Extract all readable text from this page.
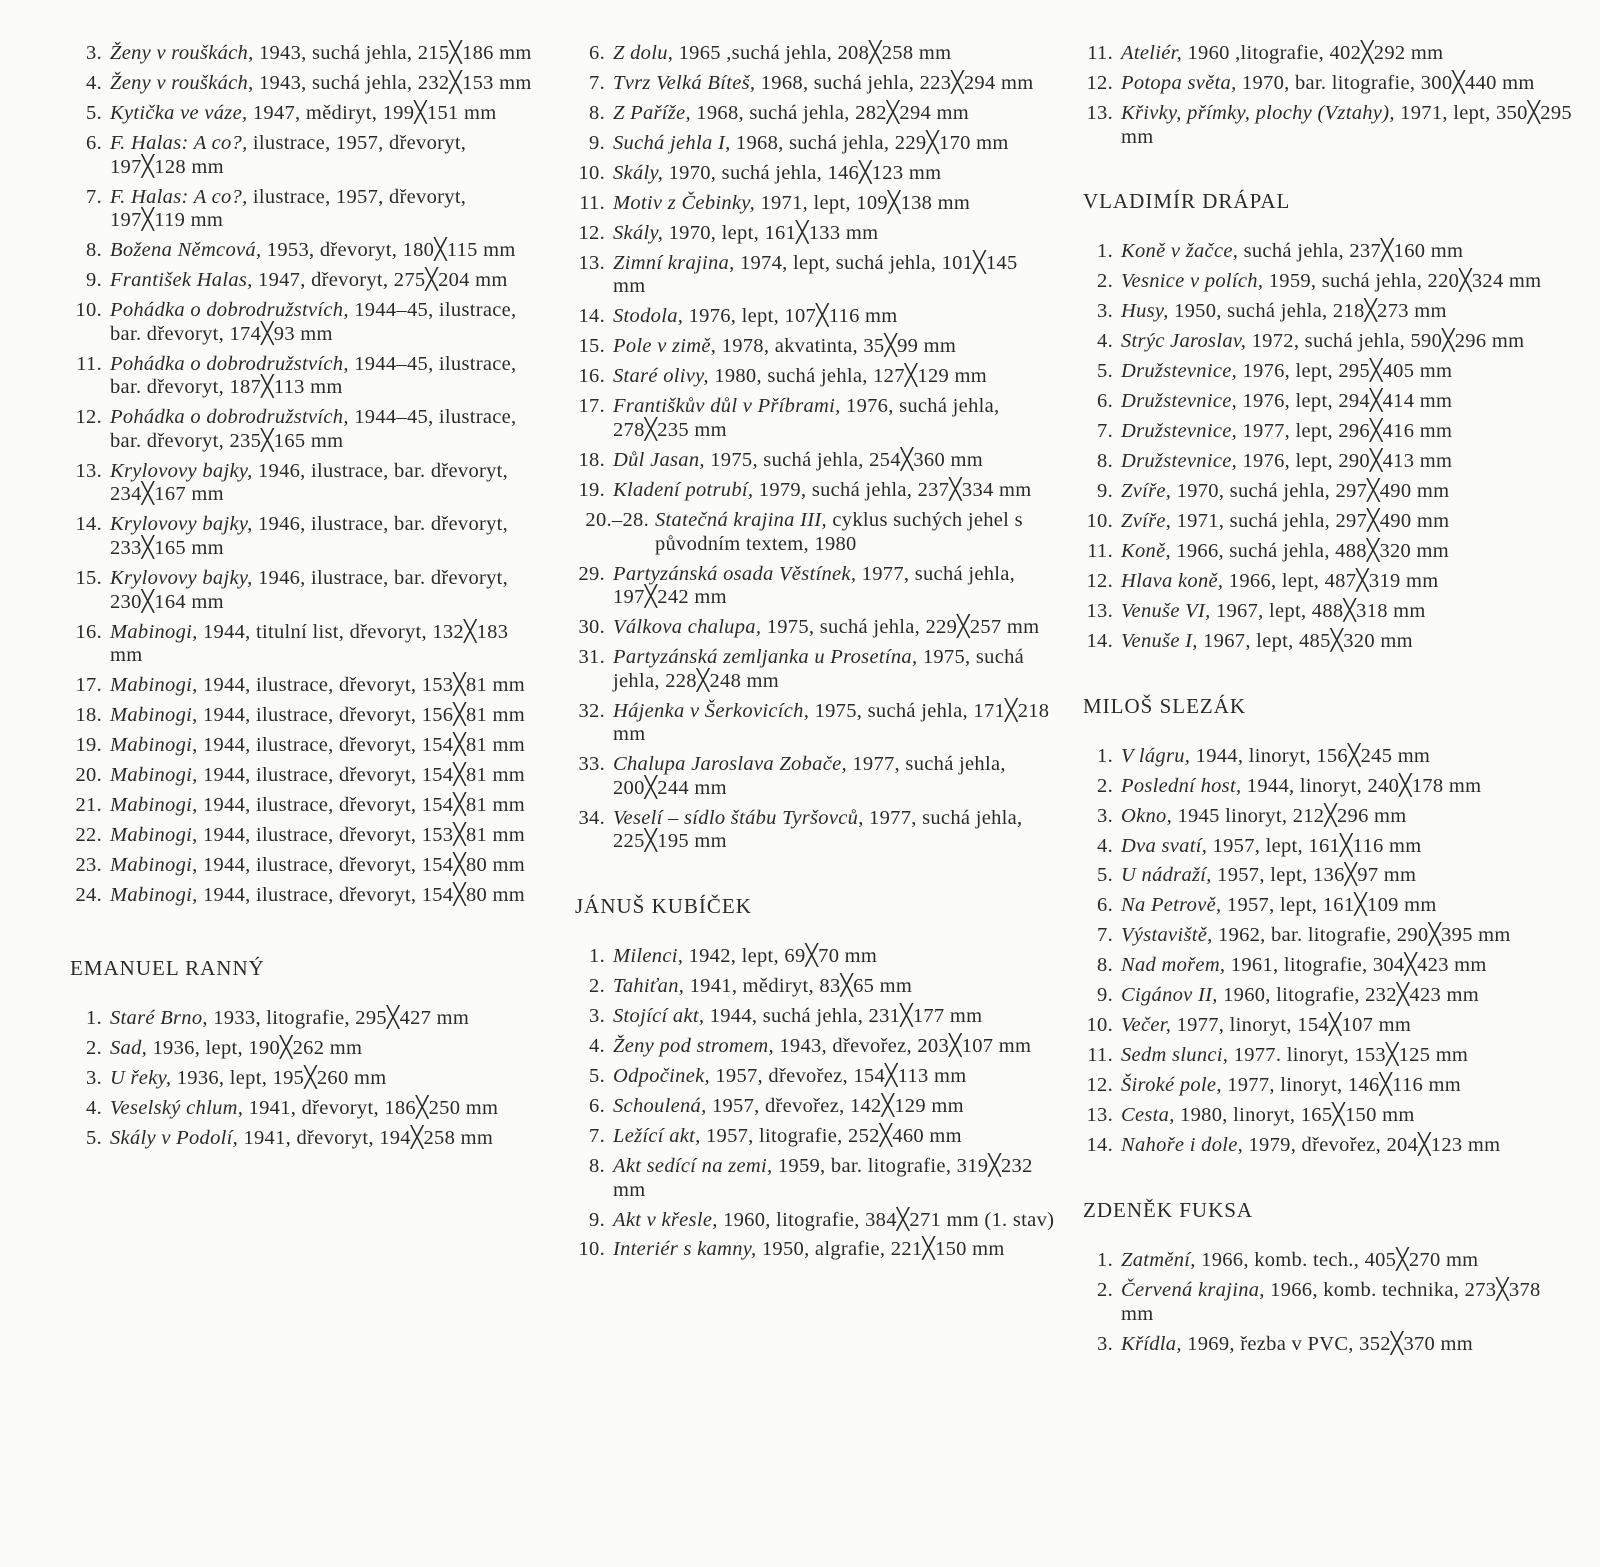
3. Ženy v rouškách, 1943, suchá jehla, 215╳186 mm
4. Ženy v rouškách, 1943, suchá jehla, 232╳153 mm
5. Kytička ve váze, 1947, mědiryt, 199╳151 mm
6. F. Halas: A co?, ilustrace, 1957, dřevoryt, 197╳128 mm
7. F. Halas: A co?, ilustrace, 1957, dřevoryt, 197╳119 mm
8. Božena Němcová, 1953, dřevoryt, 180╳115 mm
9. František Halas, 1947, dřevoryt, 275╳204 mm
10. Pohádka o dobrodružstvích, 1944–45, ilustrace, bar. dřevoryt, 174╳93 mm
11. Pohádka o dobrodružstvích, 1944–45, ilustrace, bar. dřevoryt, 187╳113 mm
12. Pohádka o dobrodružstvích, 1944–45, ilustrace, bar. dřevoryt, 235╳165 mm
13. Krylovovy bajky, 1946, ilustrace, bar. dřevoryt, 234╳167 mm
14. Krylovovy bajky, 1946, ilustrace, bar. dřevoryt, 233╳165 mm
15. Krylovovy bajky, 1946, ilustrace, bar. dřevoryt, 230╳164 mm
16. Mabinogi, 1944, titulní list, dřevoryt, 132╳183 mm
17. Mabinogi, 1944, ilustrace, dřevoryt, 153╳81 mm
18. Mabinogi, 1944, ilustrace, dřevoryt, 156╳81 mm
19. Mabinogi, 1944, ilustrace, dřevoryt, 154╳81 mm
20. Mabinogi, 1944, ilustrace, dřevoryt, 154╳81 mm
21. Mabinogi, 1944, ilustrace, dřevoryt, 154╳81 mm
22. Mabinogi, 1944, ilustrace, dřevoryt, 153╳81 mm
23. Mabinogi, 1944, ilustrace, dřevoryt, 154╳80 mm
24. Mabinogi, 1944, ilustrace, dřevoryt, 154╳80 mm
EMANUEL RANNÝ
1. Staré Brno, 1933, litografie, 295╳427 mm
2. Sad, 1936, lept, 190╳262 mm
3. U řeky, 1936, lept, 195╳260 mm
4. Veselský chlum, 1941, dřevoryt, 186╳250 mm
5. Skály v Podolí, 1941, dřevoryt, 194╳258 mm
6. Z dolu, 1965 ,suchá jehla, 208╳258 mm
7. Tvrz Velká Bíteš, 1968, suchá jehla, 223╳294 mm
8. Z Paříže, 1968, suchá jehla, 282╳294 mm
9. Suchá jehla I, 1968, suchá jehla, 229╳170 mm
10. Skály, 1970, suchá jehla, 146╳123 mm
11. Motiv z Čebinky, 1971, lept, 109╳138 mm
12. Skály, 1970, lept, 161╳133 mm
13. Zimní krajina, 1974, lept, suchá jehla, 101╳145 mm
14. Stodola, 1976, lept, 107╳116 mm
15. Pole v zimě, 1978, akvatinta, 35╳99 mm
16. Staré olivy, 1980, suchá jehla, 127╳129 mm
17. Františkův důl v Příbrami, 1976, suchá jehla, 278╳235 mm
18. Důl Jasan, 1975, suchá jehla, 254╳360 mm
19. Kladení potrubí, 1979, suchá jehla, 237╳334 mm
20.–28. Statečná krajina III, cyklus suchých jehel s původním textem, 1980
29. Partyzánská osada Věstínek, 1977, suchá jehla, 197╳242 mm
30. Válkova chalupa, 1975, suchá jehla, 229╳257 mm
31. Partyzánská zemljanka u Prosetína, 1975, suchá jehla, 228╳248 mm
32. Hájenka v Šerkovicích, 1975, suchá jehla, 171╳218 mm
33. Chalupa Jaroslava Zobače, 1977, suchá jehla, 200╳244 mm
34. Veselí – sídlo štábu Tyršovců, 1977, suchá jehla, 225╳195 mm
JÁNUŠ KUBÍČEK
1. Milenci, 1942, lept, 69╳70 mm
2. Tahiťan, 1941, mědiryt, 83╳65 mm
3. Stojící akt, 1944, suchá jehla, 231╳177 mm
4. Ženy pod stromem, 1943, dřevořez, 203╳107 mm
5. Odpočinek, 1957, dřevořez, 154╳113 mm
6. Schoulená, 1957, dřevořez, 142╳129 mm
7. Ležící akt, 1957, litografie, 252╳460 mm
8. Akt sedící na zemi, 1959, bar. litografie, 319╳232 mm
9. Akt v křesle, 1960, litografie, 384╳271 mm (1. stav)
10. Interiér s kamny, 1950, algrafie, 221╳150 mm
11. Ateliér, 1960 ,litografie, 402╳292 mm
12. Potopa světa, 1970, bar. litografie, 300╳440 mm
13. Křivky, přímky, plochy (Vztahy), 1971, lept, 350╳295 mm
VLADIMÍR DRÁPAL
1. Koně v žačce, suchá jehla, 237╳160 mm
2. Vesnice v polích, 1959, suchá jehla, 220╳324 mm
3. Husy, 1950, suchá jehla, 218╳273 mm
4. Strýc Jaroslav, 1972, suchá jehla, 590╳296 mm
5. Družstevnice, 1976, lept, 295╳405 mm
6. Družstevnice, 1976, lept, 294╳414 mm
7. Družstevnice, 1977, lept, 296╳416 mm
8. Družstevnice, 1976, lept, 290╳413 mm
9. Zvíře, 1970, suchá jehla, 297╳490 mm
10. Zvíře, 1971, suchá jehla, 297╳490 mm
11. Koně, 1966, suchá jehla, 488╳320 mm
12. Hlava koně, 1966, lept, 487╳319 mm
13. Venuše VI, 1967, lept, 488╳318 mm
14. Venuše I, 1967, lept, 485╳320 mm
MILOŠ SLEZÁK
1. V lágru, 1944, linoryt, 156╳245 mm
2. Poslední host, 1944, linoryt, 240╳178 mm
3. Okno, 1945 linoryt, 212╳296 mm
4. Dva svatí, 1957, lept, 161╳116 mm
5. U nádraží, 1957, lept, 136╳97 mm
6. Na Petrově, 1957, lept, 161╳109 mm
7. Výstaviště, 1962, bar. litografie, 290╳395 mm
8. Nad mořem, 1961, litografie, 304╳423 mm
9. Cigánov II, 1960, litografie, 232╳423 mm
10. Večer, 1977, linoryt, 154╳107 mm
11. Sedm slunci, 1977. linoryt, 153╳125 mm
12. Široké pole, 1977, linoryt, 146╳116 mm
13. Cesta, 1980, linoryt, 165╳150 mm
14. Nahoře i dole, 1979, dřevořez, 204╳123 mm
ZDENĚK FUKSA
1. Zatmění, 1966, komb. tech., 405╳270 mm
2. Červená krajina, 1966, komb. technika, 273╳378 mm
3. Křídla, 1969, řezba v PVC, 352╳370 mm
